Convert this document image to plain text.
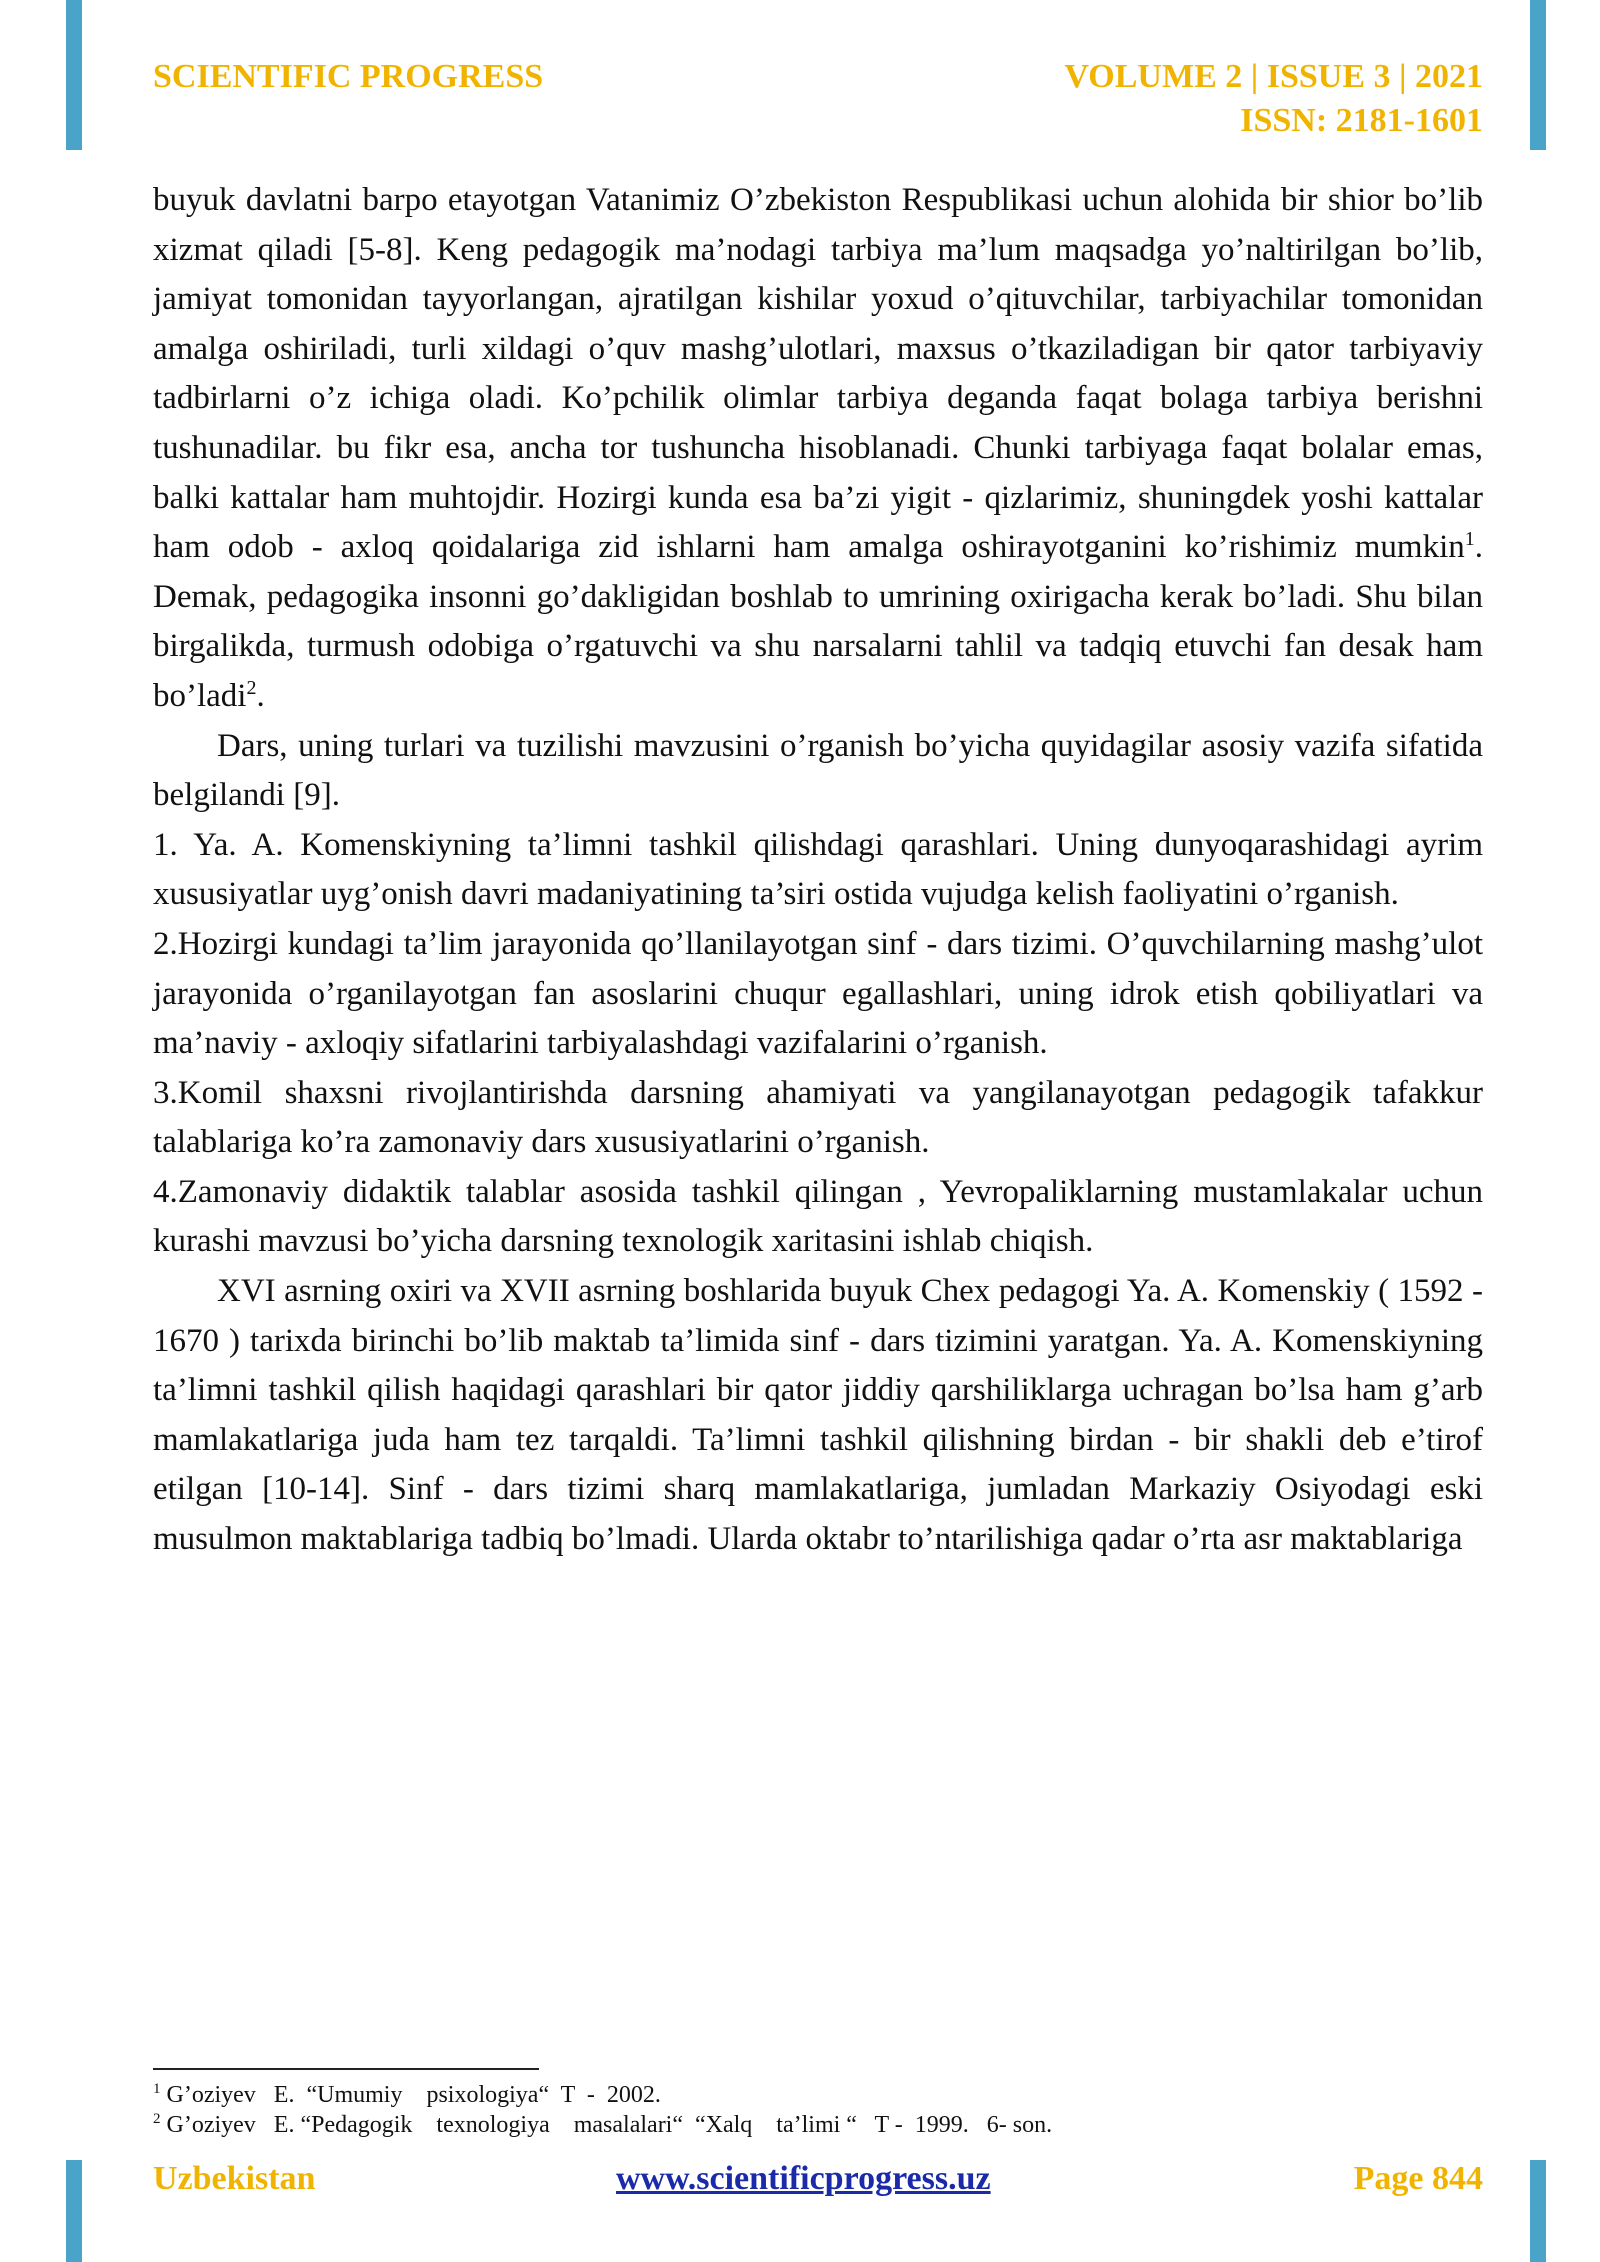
SCIENTIFIC PROGRESS	VOLUME 2 | ISSUE 3 | 2021
ISSN: 2181-1601

buyuk davlatni barpo etayotgan Vatanimiz O’zbekiston Respublikasi uchun alohida bir shior bo’lib xizmat qiladi [5-8]. Keng pedagogik ma’nodagi tarbiya ma’lum maqsadga yo’naltirilgan bo’lib, jamiyat tomonidan tayyorlangan, ajratilgan kishilar yoxud o’qituvchilar, tarbiyachilar tomonidan amalga oshiriladi, turli xildagi o’quv mashg’ulotlari, maxsus o’tkaziladigan bir qator tarbiyaviy tadbirlarni o’z ichiga oladi. Ko’pchilik olimlar tarbiya deganda faqat bolaga tarbiya berishni tushunadilar. bu fikr esa, ancha tor tushuncha hisoblanadi. Chunki tarbiyaga faqat bolalar emas, balki kattalar ham muhtojdir. Hozirgi kunda esa ba’zi yigit - qizlarimiz, shuningdek yoshi kattalar ham odob - axloq qoidalariga zid ishlarni ham amalga oshirayotganini ko’rishimiz mumkin$^1$. Demak, pedagogika insonni go’dakligidan boshlab to umrining oxirigacha kerak bo’ladi. Shu bilan birgalikda, turmush odobiga o’rgatuvchi va shu narsalarni tahlil va tadqiq etuvchi fan desak ham bo’ladi$^2$.

Dars, uning turlari va tuzilishi mavzusini o’rganish bo’yicha quyidagilar asosiy vazifa sifatida belgilandi [9].

1. Ya. A. Komenskiyning ta’limni tashkil qilishdagi qarashlari. Uning dunyoqarashidagi ayrim xususiyatlar uyg’onish davri madaniyatining ta’siri ostida vujudga kelish faoliyatini o’rganish.

2.Hozirgi kundagi ta’lim jarayonida qo’llanilayotgan sinf - dars tizimi. O’quvchilarning mashg’ulot jarayonida o’rganilayotgan fan asoslarini chuqur egallashlari, uning idrok etish qobiliyatlari va ma’naviy - axloqiy sifatlarini tarbiyalashdagi vazifalarini o’rganish.

3.Komil shaxsni rivojlantirishda darsning ahamiyati va yangilanayotgan pedagogik tafakkur talablariga ko’ra zamonaviy dars xususiyatlarini o’rganish.

4.Zamonaviy didaktik talablar asosida tashkil qilingan , Yevropaliklarning mustamlakalar uchun kurashi mavzusi bo’yicha darsning texnologik xaritasini ishlab chiqish.

XVI asrning oxiri va XVII asrning boshlarida buyuk Chex pedagogi Ya. A. Komenskiy ( 1592 - 1670 ) tarixda birinchi bo’lib maktab ta’limida sinf - dars tizimini yaratgan. Ya. A. Komenskiyning ta’limni tashkil qilish haqidagi qarashlari bir qator jiddiy qarshiliklarga uchragan bo’lsa ham g’arb mamlakatlariga juda ham tez tarqaldi. Ta’limni tashkil qilishning birdan - bir shakli deb e’tirof etilgan [10-14]. Sinf - dars tizimi sharq mamlakatlariga, jumladan Markaziy Osiyodagi eski musulmon maktablariga tadbiq bo’lmadi. Ularda oktabr to’ntarilishiga qadar o’rta asr maktablariga

$^1$ G’oziyev   E.  “Umumiy    psixologiya“  T  -  2002.
$^2$ G’oziyev   E. “Pedagogik    texnologiya    masalalari“  “Xalq    ta’limi “   T -  1999.   6- son.
Uzbekistan	www.scientificprogress.uz	Page 844
